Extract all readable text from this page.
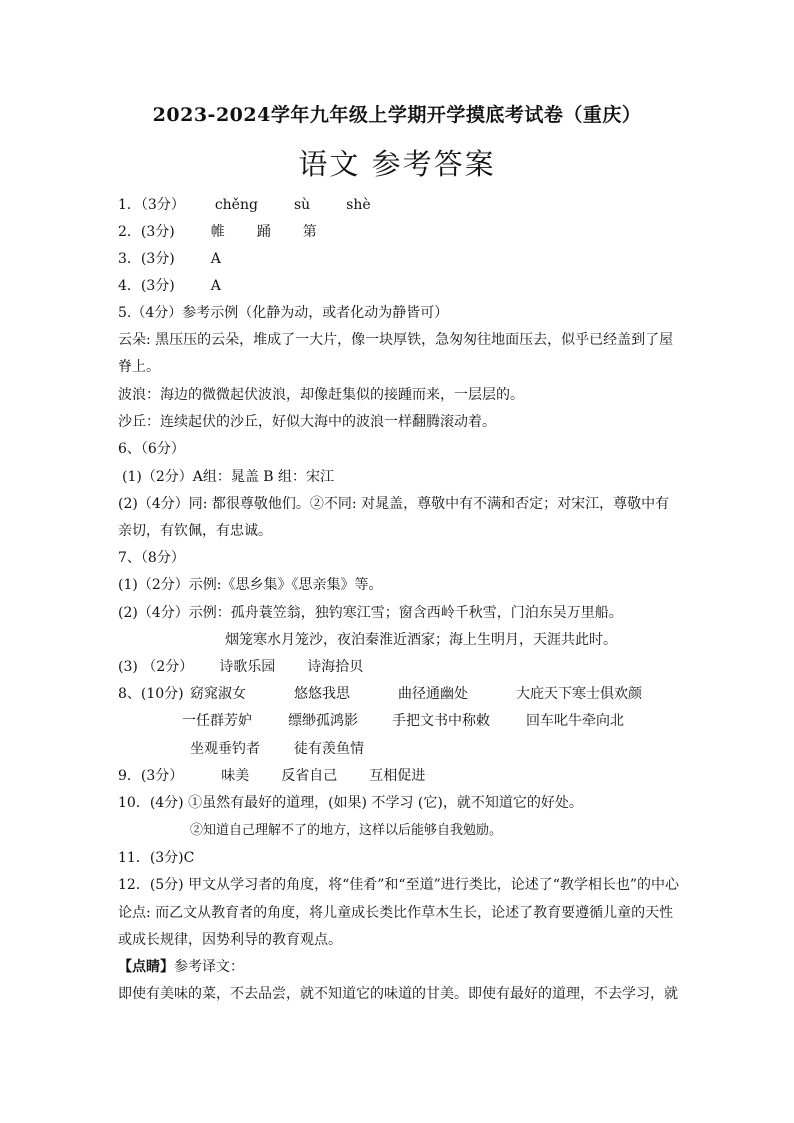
2023-2024学年九年级上学期开学摸底考试卷（重庆）
语文 参考答案
1．（3分） chěng	sù	shè
2．(3分)	帷 踊 第
3．(3分)	A
4．(3分)	A
5.（4分）参考示例（化静为动，或者化动为静皆可）
云朵: 黑压压的云朵，堆成了一大片，像一块厚铁，急匆匆往地面压去，似乎已经盖到了屋
脊上。
波浪：海边的微微起伏波浪，却像赶集似的接踵而来，一层层的。
沙丘：连续起伏的沙丘，好似大海中的波浪一样翻腾滚动着。
6、（6分）
(1)（2分）A组：晁盖 B 组：宋江
(2)（4分）同: 都很尊敬他们。②不同: 对晁盖，尊敬中有不满和否定；对宋江，尊敬中有
亲切，有钦佩，有忠诚。
7、（8分）
(1)（2分）示例:《思乡集》《思亲集》等。
(2)（4分）示例：孤舟蓑笠翁，独钓寒江雪；窗含西岭千秋雪，门泊东吴万里船。
烟笼寒水月笼沙，夜泊秦淮近酒家；海上生明月，天涯共此时。
(3) （2分） 诗歌乐园 诗海拾贝
8、(10分) 窈窕淑女	悠悠我思	曲径通幽处	大庇天下寒士俱欢颜
一任群芳妒	缥缈孤鸿影 手把文书中称敕	回车叱牛牵向北
坐观垂钓者 徒有羡鱼情
9．(3分）	味美 反省自己 互相促进
10．(4分) ①虽然有最好的道理，(如果) 不学习 (它)，就不知道它的好处。
②知道自己理解不了的地方，这样以后能够自我勉励。
11．(3分)C
12．(5分) 甲文从学习者的角度，将“佳肴”和“至道”进行类比，论述了“教学相长也”的中心
论点: 而乙文从教育者的角度，将儿童成长类比作草木生长，论述了教育要遵循儿童的天性
或成长规律，因势利导的教育观点。
【点睛】参考译文：
即使有美味的菜，不去品尝，就不知道它的味道的甘美。即使有最好的道理，不去学习，就
